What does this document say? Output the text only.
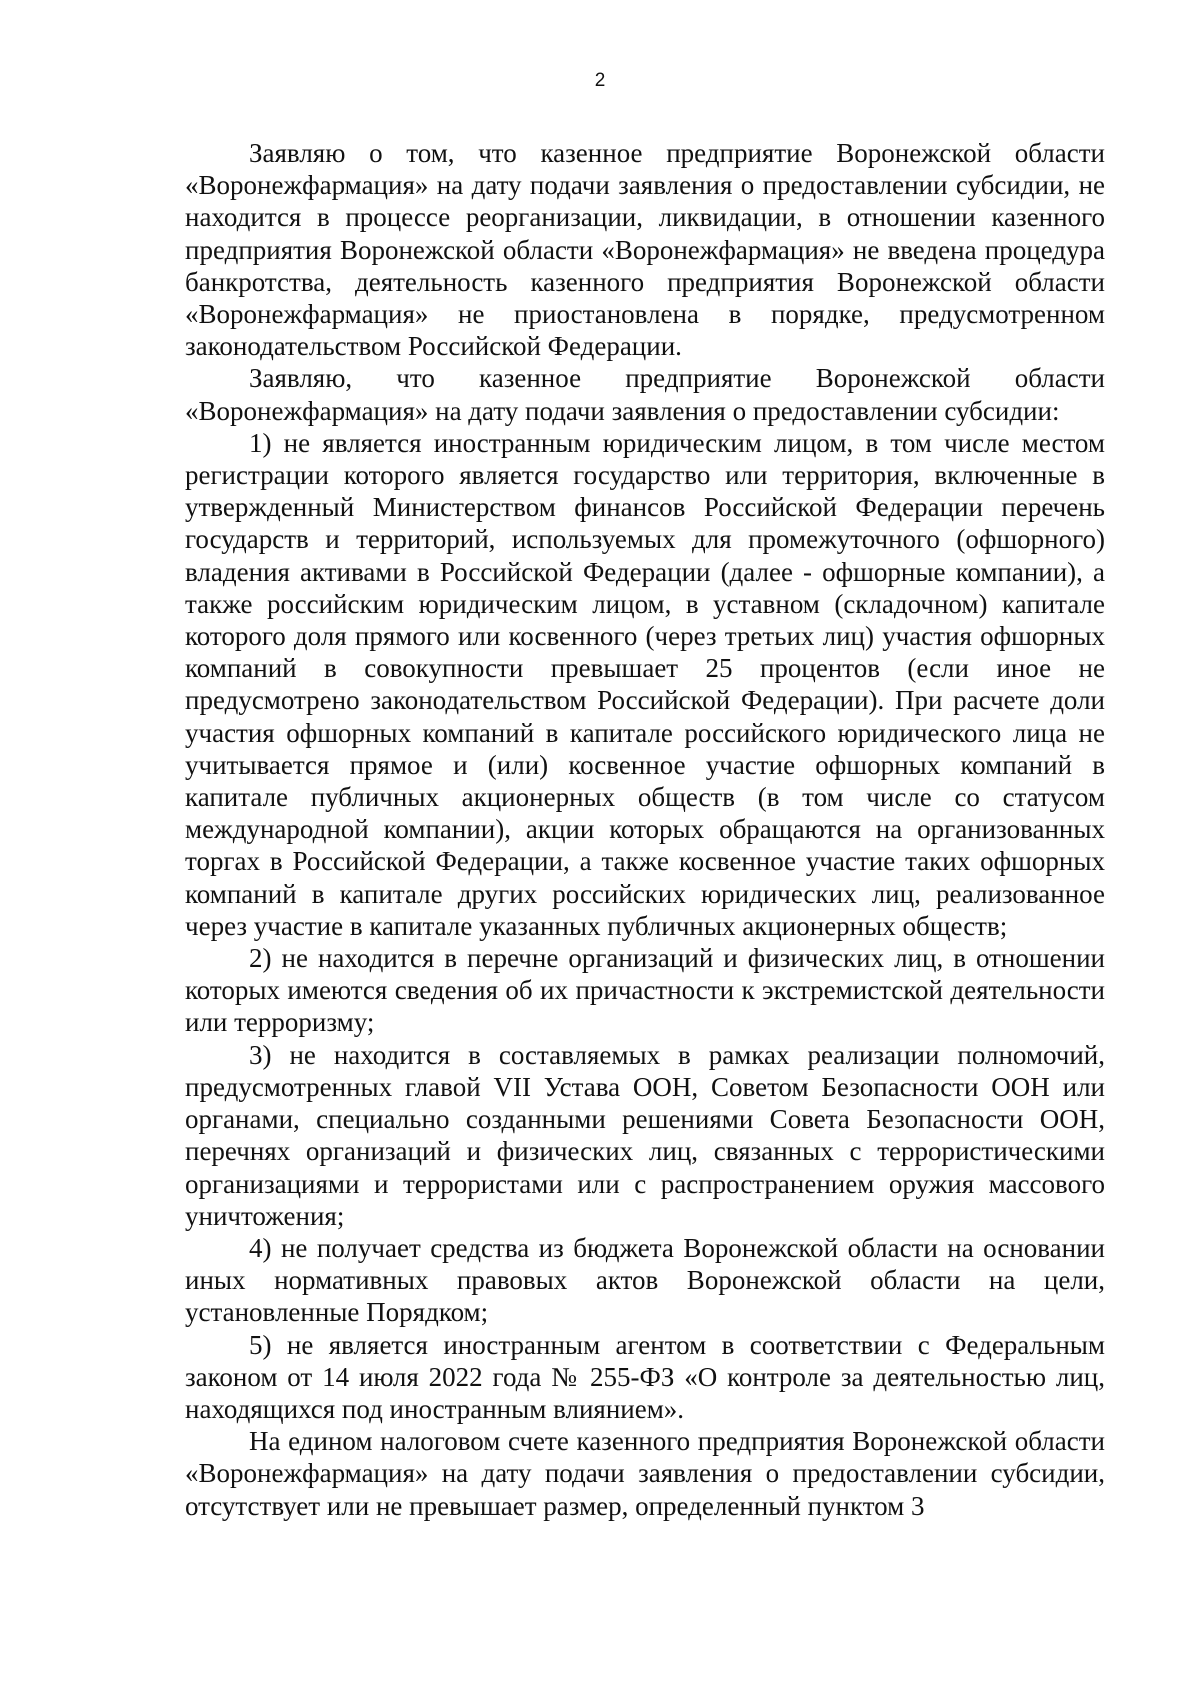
2

Заявляю о том, что казенное предприятие Воронежской области «Воронежфармация» на дату подачи заявления о предоставлении субсидии, не находится в процессе реорганизации, ликвидации, в отношении казенного предприятия Воронежской области «Воронежфармация» не введена процедура банкротства, деятельность казенного предприятия Воронежской области «Воронежфармация» не приостановлена в порядке, предусмотренном законодательством Российской Федерации.

Заявляю, что казенное предприятие Воронежской области «Воронежфармация» на дату подачи заявления о предоставлении субсидии:

1) не является иностранным юридическим лицом, в том числе местом регистрации которого является государство или территория, включенные в утвержденный Министерством финансов Российской Федерации перечень государств и территорий, используемых для промежуточного (офшорного) владения активами в Российской Федерации (далее - офшорные компании), а также российским юридическим лицом, в уставном (складочном) капитале которого доля прямого или косвенного (через третьих лиц) участия офшорных компаний в совокупности превышает 25 процентов (если иное не предусмотрено законодательством Российской Федерации). При расчете доли участия офшорных компаний в капитале российского юридического лица не учитывается прямое и (или) косвенное участие офшорных компаний в капитале публичных акционерных обществ (в том числе со статусом международной компании), акции которых обращаются на организованных торгах в Российской Федерации, а также косвенное участие таких офшорных компаний в капитале других российских юридических лиц, реализованное через участие в капитале указанных публичных акционерных обществ;

2) не находится в перечне организаций и физических лиц, в отношении которых имеются сведения об их причастности к экстремистской деятельности или терроризму;

3) не находится в составляемых в рамках реализации полномочий, предусмотренных главой VII Устава ООН, Советом Безопасности ООН или органами, специально созданными решениями Совета Безопасности ООН, перечнях организаций и физических лиц, связанных с террористическими организациями и террористами или с распространением оружия массового уничтожения;

4) не получает средства из бюджета Воронежской области на основании иных нормативных правовых актов Воронежской области на цели, установленные Порядком;

5) не является иностранным агентом в соответствии с Федеральным законом от 14 июля 2022 года № 255-ФЗ «О контроле за деятельностью лиц, находящихся под иностранным влиянием».

На едином налоговом счете казенного предприятия Воронежской области «Воронежфармация» на дату подачи заявления о предоставлении субсидии, отсутствует или не превышает размер, определенный пунктом 3
